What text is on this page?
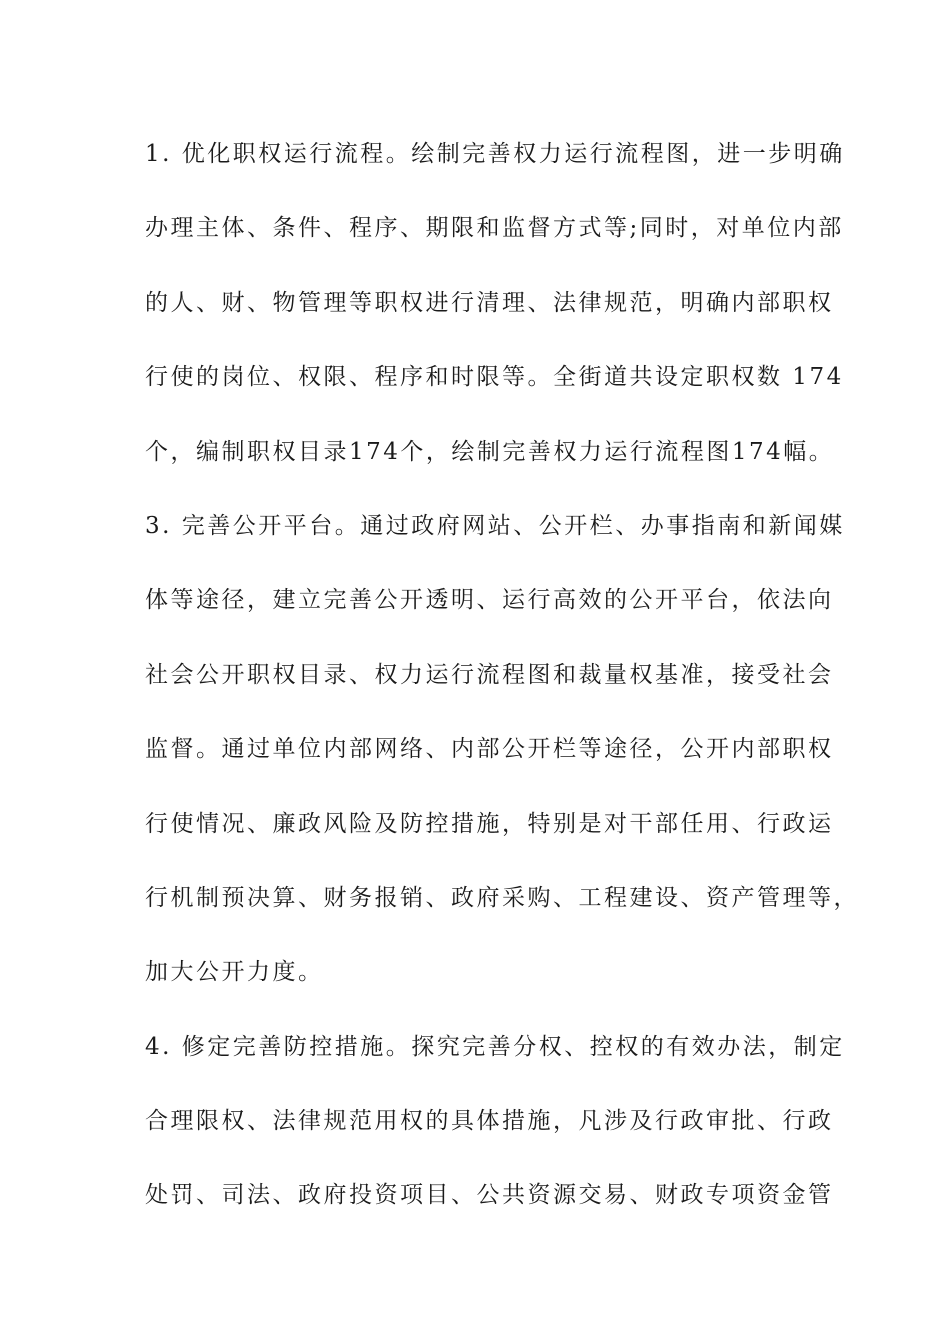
1. 优化职权运行流程。绘制完善权力运行流程图，进一步明确
办理主体、条件、程序、期限和监督方式等;同时，对单位内部
的人、财、物管理等职权进行清理、法律规范，明确内部职权
行使的岗位、权限、程序和时限等。全街道共设定职权数 174
个，编制职权目录174个，绘制完善权力运行流程图174幅。
3. 完善公开平台。通过政府网站、公开栏、办事指南和新闻媒
体等途径，建立完善公开透明、运行高效的公开平台，依法向
社会公开职权目录、权力运行流程图和裁量权基准，接受社会
监督。通过单位内部网络、内部公开栏等途径，公开内部职权
行使情况、廉政风险及防控措施，特别是对干部任用、行政运
行机制预决算、财务报销、政府采购、工程建设、资产管理等，
加大公开力度。
4. 修定完善防控措施。探究完善分权、控权的有效办法，制定
合理限权、法律规范用权的具体措施，凡涉及行政审批、行政
处罚、司法、政府投资项目、公共资源交易、财政专项资金管
